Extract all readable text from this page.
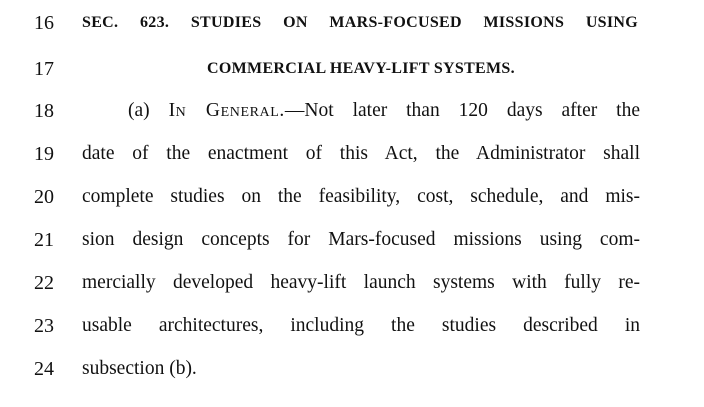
16	SEC. 623. STUDIES ON MARS-FOCUSED MISSIONS USING
17	COMMERCIAL HEAVY-LIFT SYSTEMS.
18	(a) In General.—Not later than 120 days after the
19	date of the enactment of this Act, the Administrator shall
20	complete studies on the feasibility, cost, schedule, and mis-
21	sion design concepts for Mars-focused missions using com-
22	mercially developed heavy-lift launch systems with fully re-
23	usable architectures, including the studies described in
24	subsection (b).
